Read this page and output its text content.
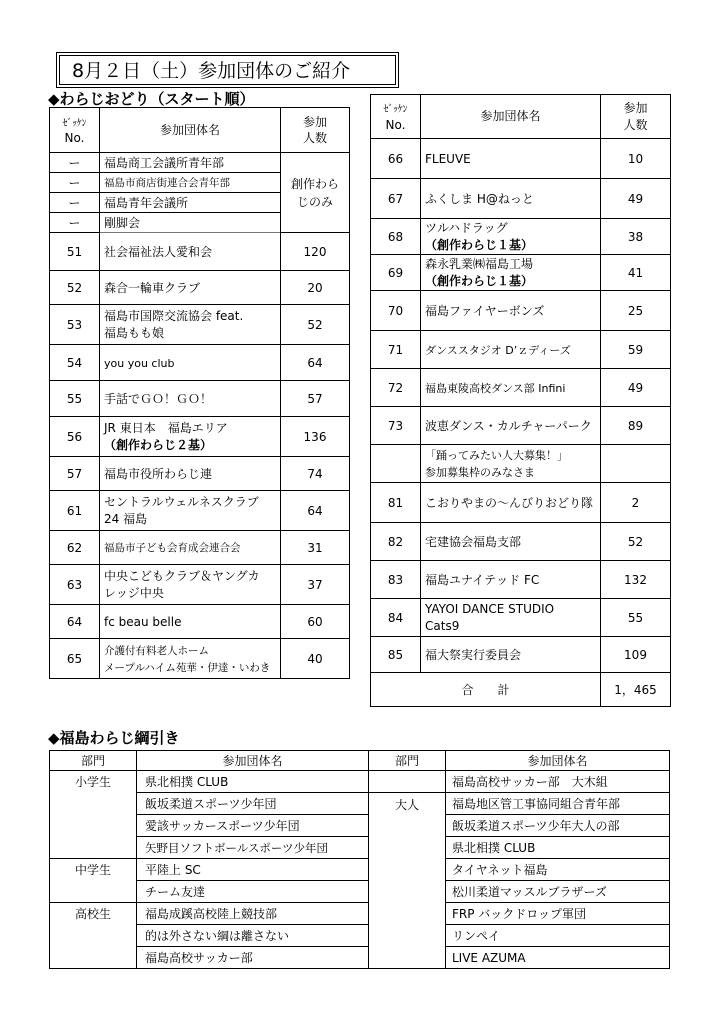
8月２日（土）参加団体のご紹介
◆わらじおどり（スタート順）
◆福島わらじ綱引き
ｾﾞｯｹﾝ
No.	参加団体名	参加
人数
ー	福島商工会議所青年部	創作わら
じのみ
ー	福島市商店街連合会青年部	
ー	福島青年会議所	
ー	剛脚会	
51	社会福祉法人愛和会	120
52	森合一輪車クラブ	20
53	福島市国際交流協会 feat.
福島もも娘	52
54	you you club	64
55	手話でＧＯ！ＧＯ！	57
56	JR 東日本　福島エリア
（創作わらじ２基）	136
57	福島市役所わらじ連	74
61	セントラルウェルネスクラブ
24 福島	64
62	福島市子ども会育成会連合会	31
63	中央こどもクラブ＆ヤングカ
レッジ中央	37
64	fc beau belle	60
65	介護付有料老人ホーム
メープルハイム苑華・伊達・いわき	40
ｾﾞｯｹﾝ
No.	参加団体名	参加
人数
66	FLEUVE	10
67	ふくしま H@ねっと	49
68	ツルハドラッグ
（創作わらじ１基）	38
69	森永乳業㈱福島工場
（創作わらじ１基）	41
70	福島ファイヤーボンズ	25
71	ダンススタジオ D’ｚディーズ	59
72	福島東陵高校ダンス部 Infini	49
73	波恵ダンス・カルチャーパーク	89
	「踊ってみたい人大募集！」
参加募集枠のみなさま	
81	こおりやまの～んびりおどり隊	2
82	宅建協会福島支部	52
83	福島ユナイテッド FC	132
84	YAYOI DANCE STUDIO
Cats9	55
85	福大祭実行委員会	109
合　　計		1，465
部門	参加団体名	部門	参加団体名
小学生	県北相撲 CLUB		福島高校サッカー部　大木組
	飯坂柔道スポーツ少年団	大人	福島地区管工事協同組合青年部
	愛該サッカースポーツ少年団		飯坂柔道スポーツ少年大人の部
	矢野目ソフトボールスポーツ少年団		県北相撲 CLUB
中学生	平陸上 SC		タイヤネット福島
	チーム友達		松川柔道マッスルブラザーズ
高校生	福島成蹊高校陸上競技部		FRP バックドロップ軍団
	的は外さない綱は離さない		リンペイ
	福島高校サッカー部		LIVE AZUMA
